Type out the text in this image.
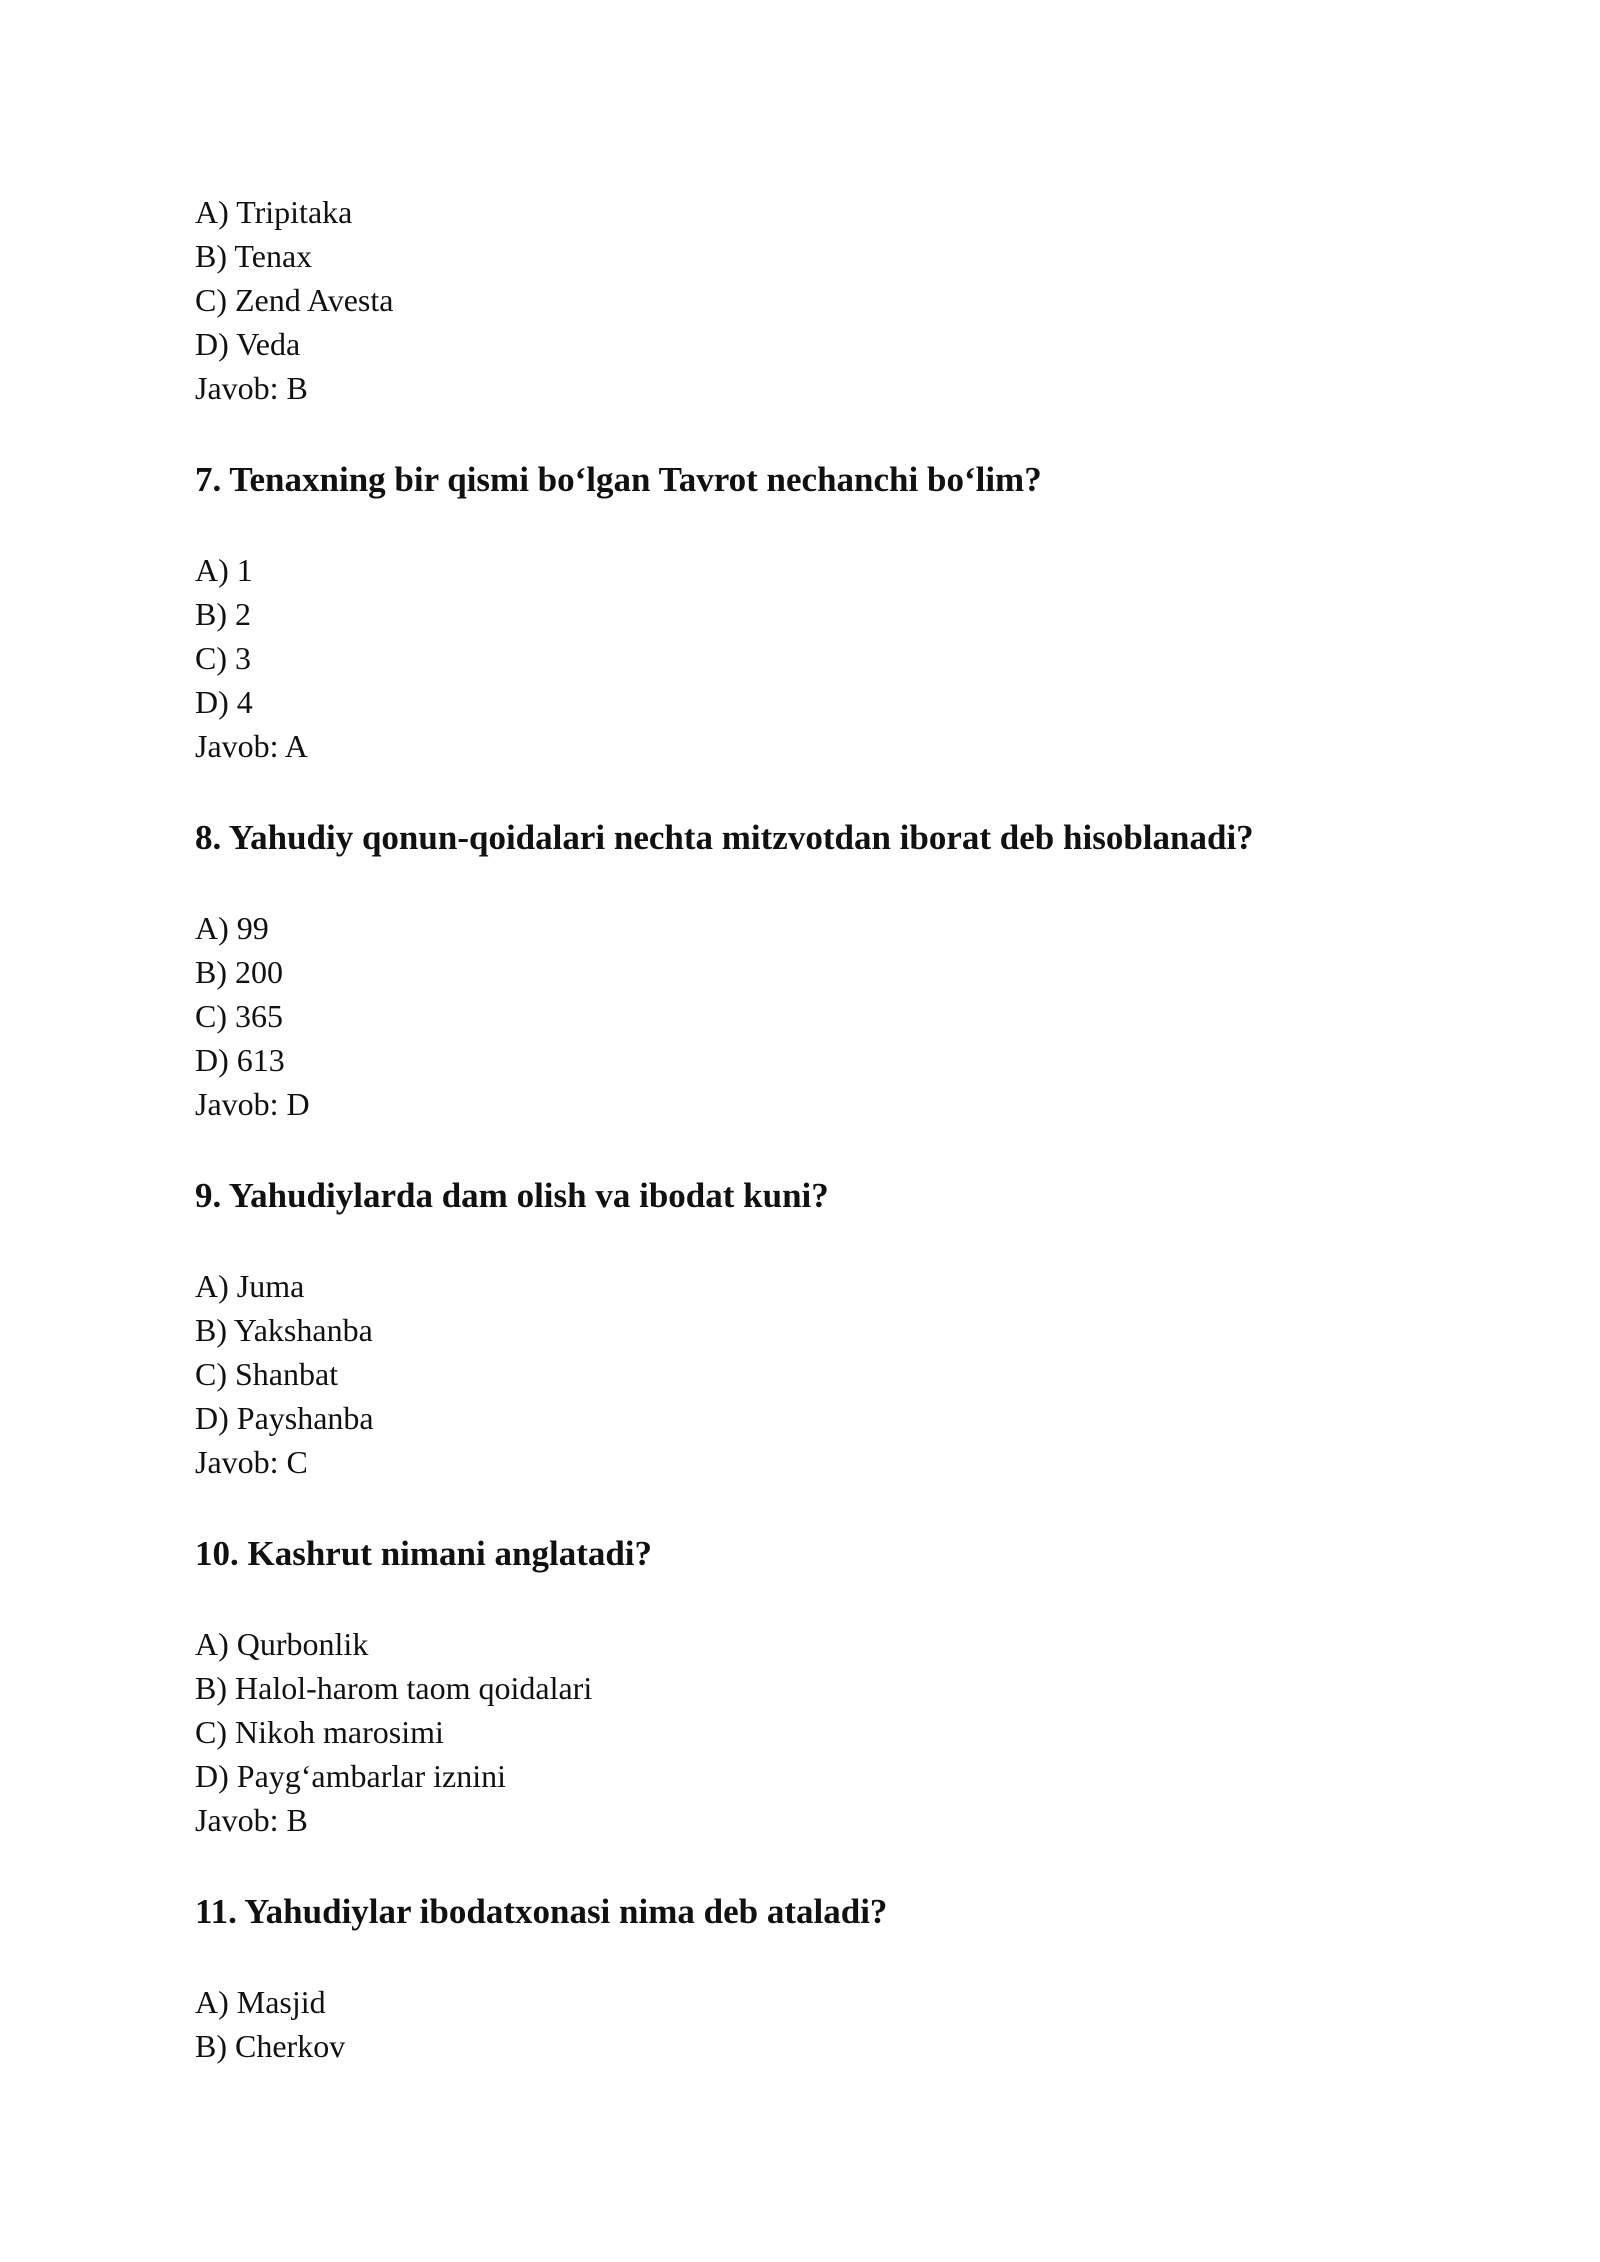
A) Tripitaka
B) Tenax
C) Zend Avesta
D) Veda
Javob: B
7. Tenaxning bir qismi bo‘lgan Tavrot nechanchi bo‘lim?
A) 1
B) 2
C) 3
D) 4
Javob: A
8. Yahudiy qonun-qoidalari nechta mitzvotdan iborat deb hisoblanadi?
A) 99
B) 200
C) 365
D) 613
Javob: D
9. Yahudiylarda dam olish va ibodat kuni?
A) Juma
B) Yakshanba
C) Shanbat
D) Payshanba
Javob: C
10. Kashrut nimani anglatadi?
A) Qurbonlik
B) Halol-harom taom qoidalari
C) Nikoh marosimi
D) Payg‘ambarlar iznini
Javob: B
11. Yahudiylar ibodatxonasi nima deb ataladi?
A) Masjid
B) Cherkov
